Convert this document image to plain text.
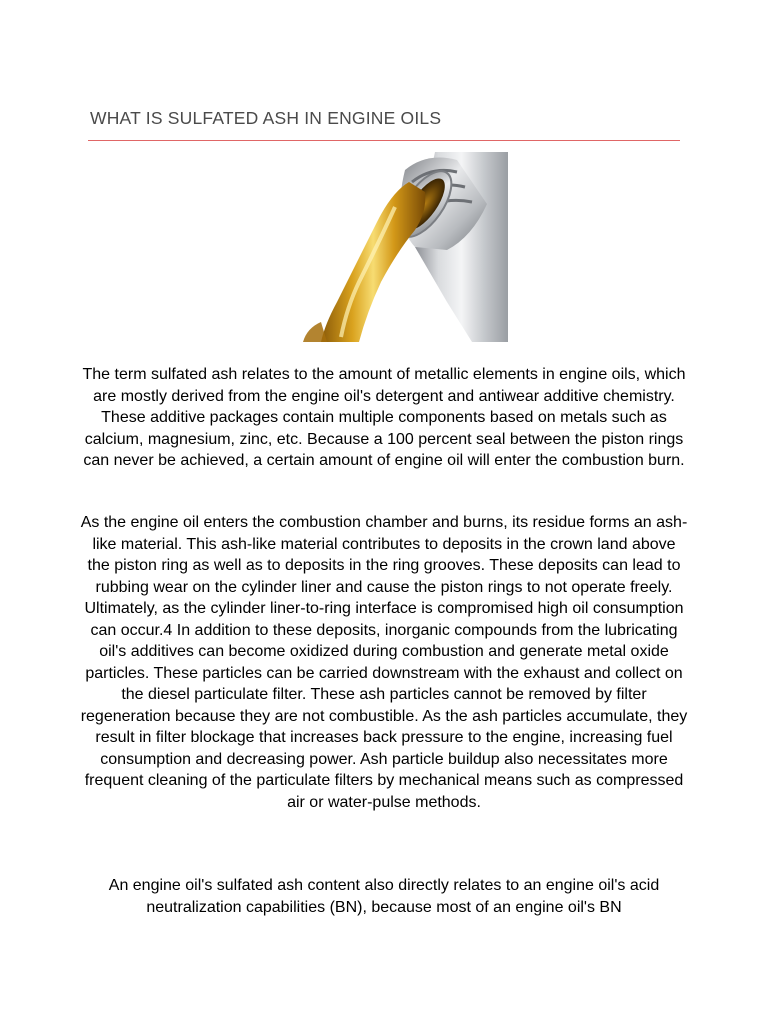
WHAT IS SULFATED ASH IN ENGINE OILS

The term sulfated ash relates to the amount of metallic elements in engine oils, which are mostly derived from the engine oil's detergent and antiwear additive chemistry. These additive packages contain multiple components based on metals such as calcium, magnesium, zinc, etc. Because a 100 percent seal between the piston rings can never be achieved, a certain amount of engine oil will enter the combustion burn.

As the engine oil enters the combustion chamber and burns, its residue forms an ash-like material. This ash-like material contributes to deposits in the crown land above the piston ring as well as to deposits in the ring grooves. These deposits can lead to rubbing wear on the cylinder liner and cause the piston rings to not operate freely. Ultimately, as the cylinder liner-to-ring interface is compromised high oil consumption can occur.4 In addition to these deposits, inorganic compounds from the lubricating oil's additives can become oxidized during combustion and generate metal oxide particles. These particles can be carried downstream with the exhaust and collect on the diesel particulate filter. These ash particles cannot be removed by filter regeneration because they are not combustible. As the ash particles accumulate, they result in filter blockage that increases back pressure to the engine, increasing fuel consumption and decreasing power. Ash particle buildup also necessitates more frequent cleaning of the particulate filters by mechanical means such as compressed air or water-pulse methods.

An engine oil's sulfated ash content also directly relates to an engine oil's acid neutralization capabilities (BN), because most of an engine oil's BN
